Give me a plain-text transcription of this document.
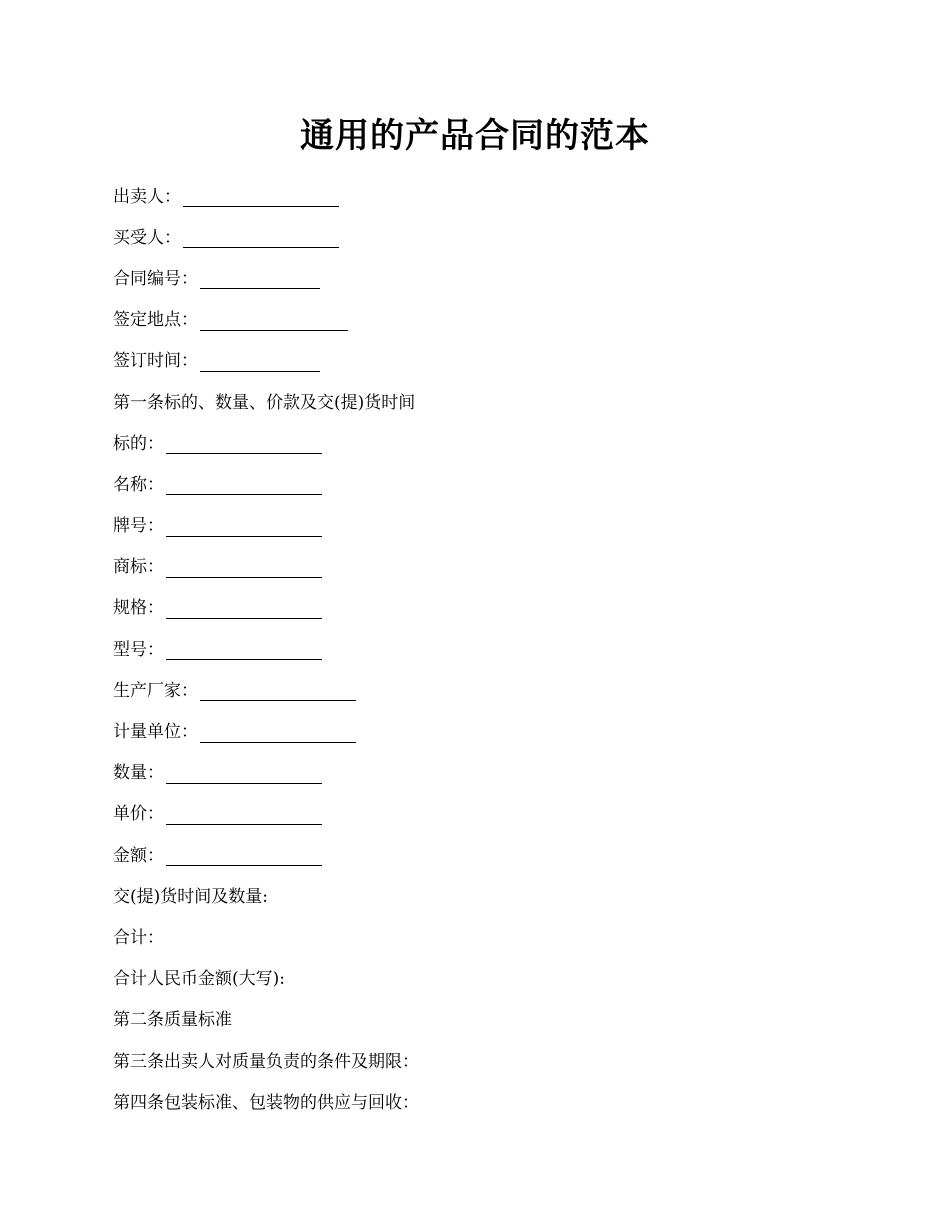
通用的产品合同的范本
出卖人：
买受人：
合同编号：
签定地点：
签订时间：
第一条标的、数量、价款及交(提)货时间
标的：
名称：
牌号：
商标：
规格：
型号：
生产厂家：
计量单位：
数量：
单价：
金额：
交(提)货时间及数量:
合计：
合计人民币金额(大写):
第二条质量标准
第三条出卖人对质量负责的条件及期限：
第四条包装标准、包装物的供应与回收：
